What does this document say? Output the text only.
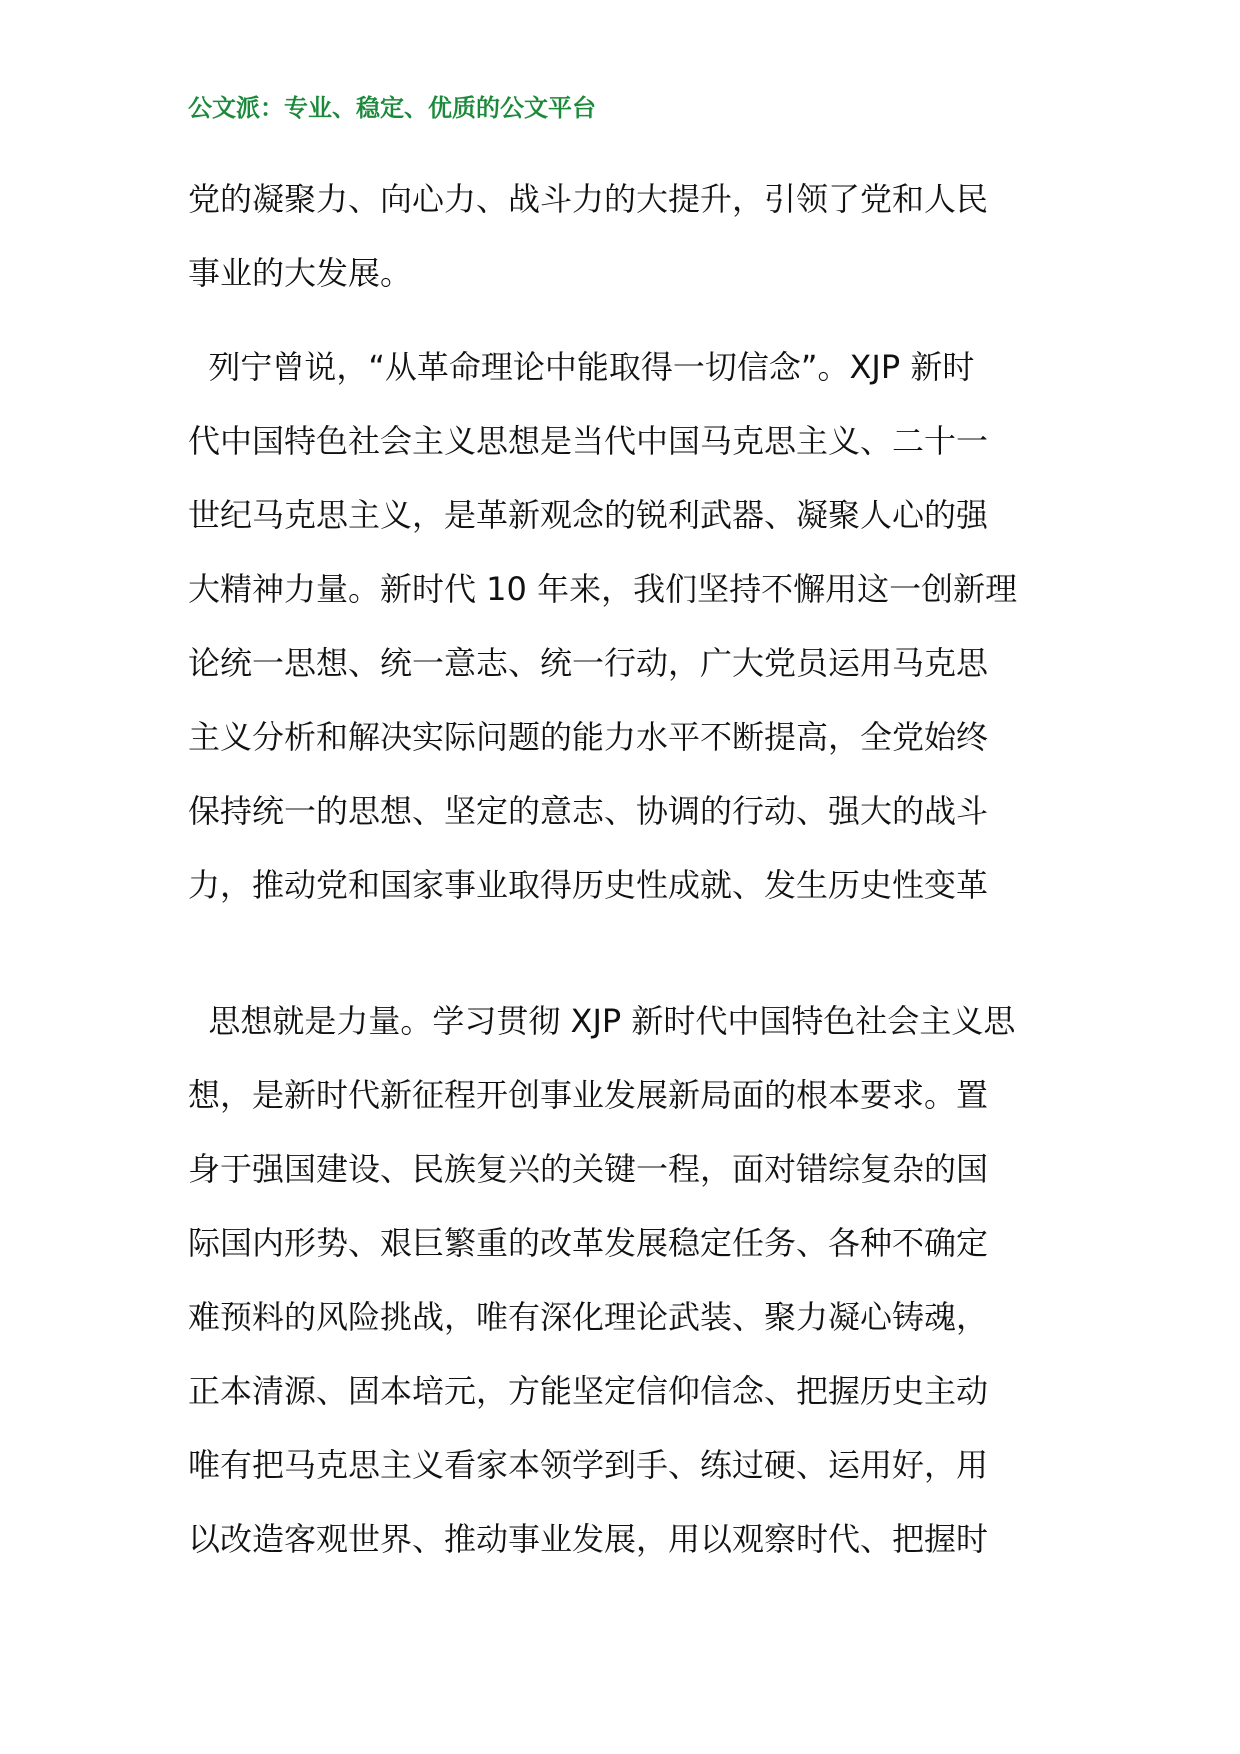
公文派：专业、稳定、优质的公文平台
党的凝聚力、向心力、战斗力的大提升，引领了党和人民
事业的大发展。
列宁曾说，“从革命理论中能取得一切信念”。XJP 新时
代中国特色社会主义思想是当代中国马克思主义、二十一
世纪马克思主义，是革新观念的锐利武器、凝聚人心的强
大精神力量。新时代 10 年来，我们坚持不懈用这一创新理
论统一思想、统一意志、统一行动，广大党员运用马克思
主义分析和解决实际问题的能力水平不断提高，全党始终
保持统一的思想、坚定的意志、协调的行动、强大的战斗
力，推动党和国家事业取得历史性成就、发生历史性变革
思想就是力量。学习贯彻 XJP 新时代中国特色社会主义思
想，是新时代新征程开创事业发展新局面的根本要求。置
身于强国建设、民族复兴的关键一程，面对错综复杂的国
际国内形势、艰巨繁重的改革发展稳定任务、各种不确定
难预料的风险挑战，唯有深化理论武装、聚力凝心铸魂，
正本清源、固本培元，方能坚定信仰信念、把握历史主动
唯有把马克思主义看家本领学到手、练过硬、运用好，用
以改造客观世界、推动事业发展，用以观察时代、把握时
